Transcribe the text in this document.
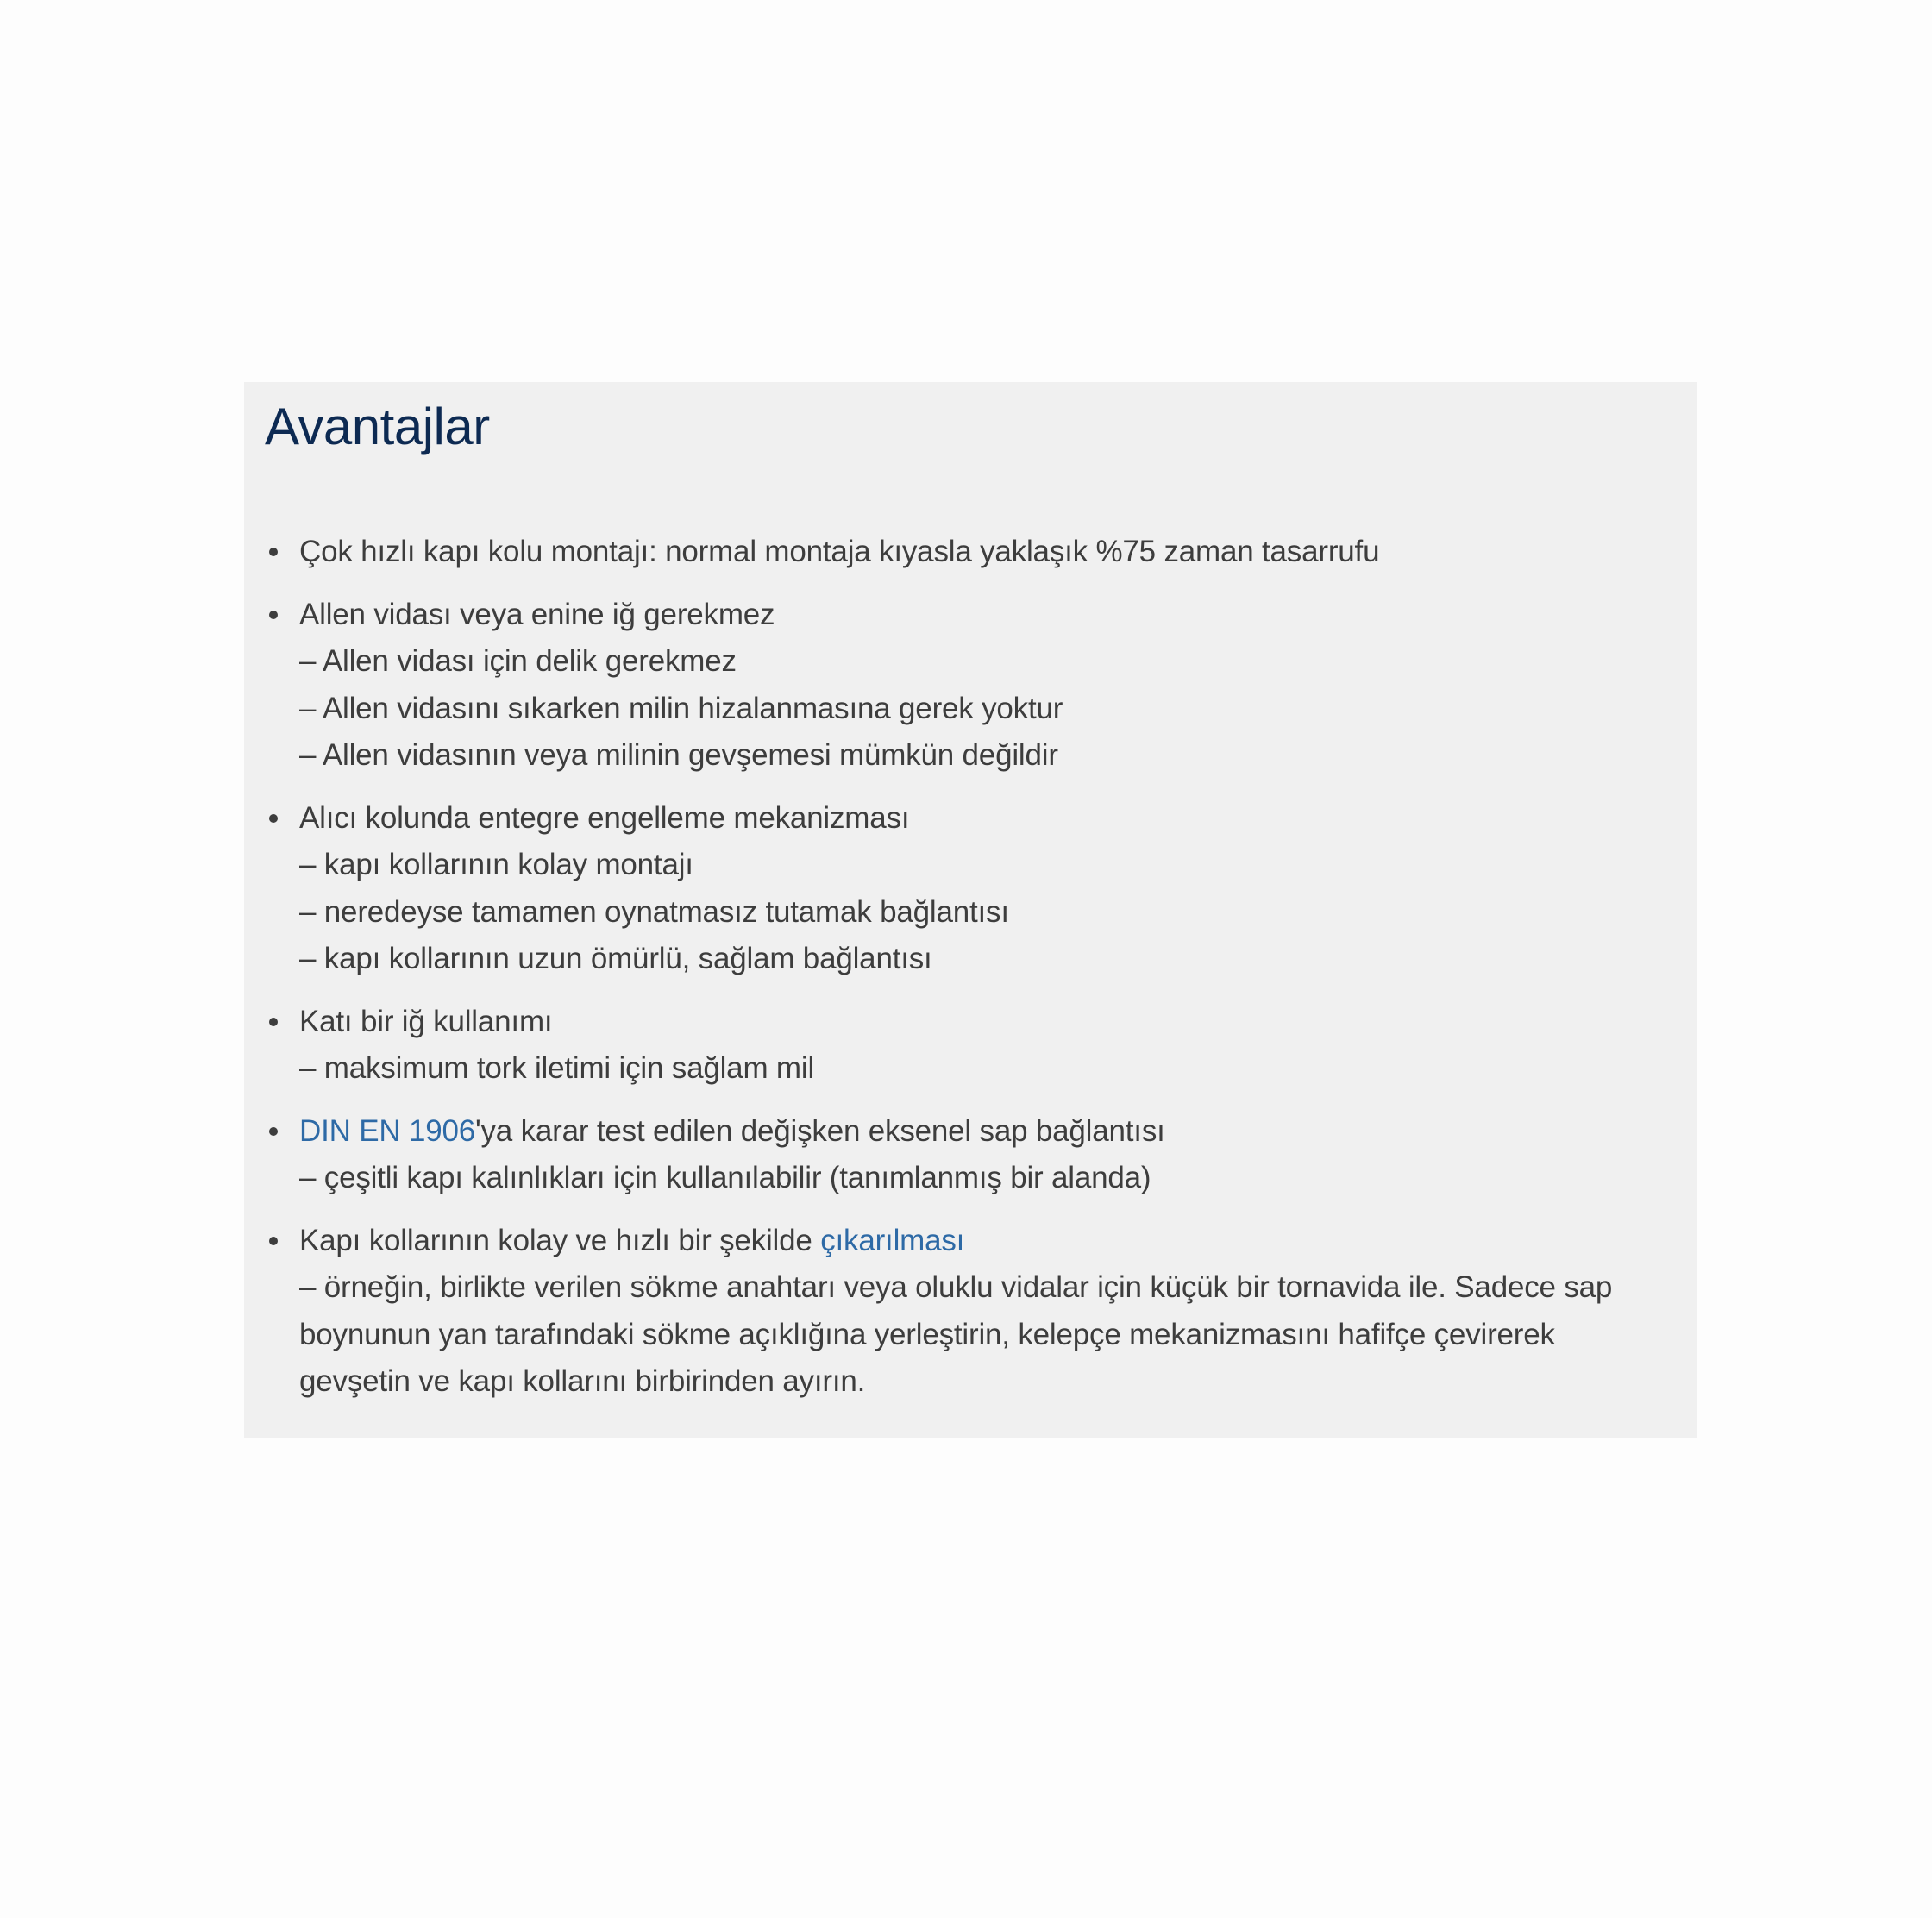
Avantajlar
Çok hızlı kapı kolu montajı: normal montaja kıyasla yaklaşık %75 zaman tasarrufu
Allen vidası veya enine iğ gerekmez
– Allen vidası için delik gerekmez
– Allen vidasını sıkarken milin hizalanmasına gerek yoktur
– Allen vidasının veya milinin gevşemesi mümkün değildir
Alıcı kolunda entegre engelleme mekanizması
– kapı kollarının kolay montajı
– neredeyse tamamen oynatmasız tutamak bağlantısı
– kapı kollarının uzun ömürlü, sağlam bağlantısı
Katı bir iğ kullanımı
– maksimum tork iletimi için sağlam mil
DIN EN 1906'ya karar test edilen değişken eksenel sap bağlantısı
– çeşitli kapı kalınlıkları için kullanılabilir (tanımlanmış bir alanda)
Kapı kollarının kolay ve hızlı bir şekilde çıkarılması
– örneğin, birlikte verilen sökme anahtarı veya oluklu vidalar için küçük bir tornavida ile. Sadece sap boynunun yan tarafındaki sökme açıklığına yerleştirin, kelepçe mekanizmasını hafifçe çevirerek gevşetin ve kapı kollarını birbirinden ayırın.
